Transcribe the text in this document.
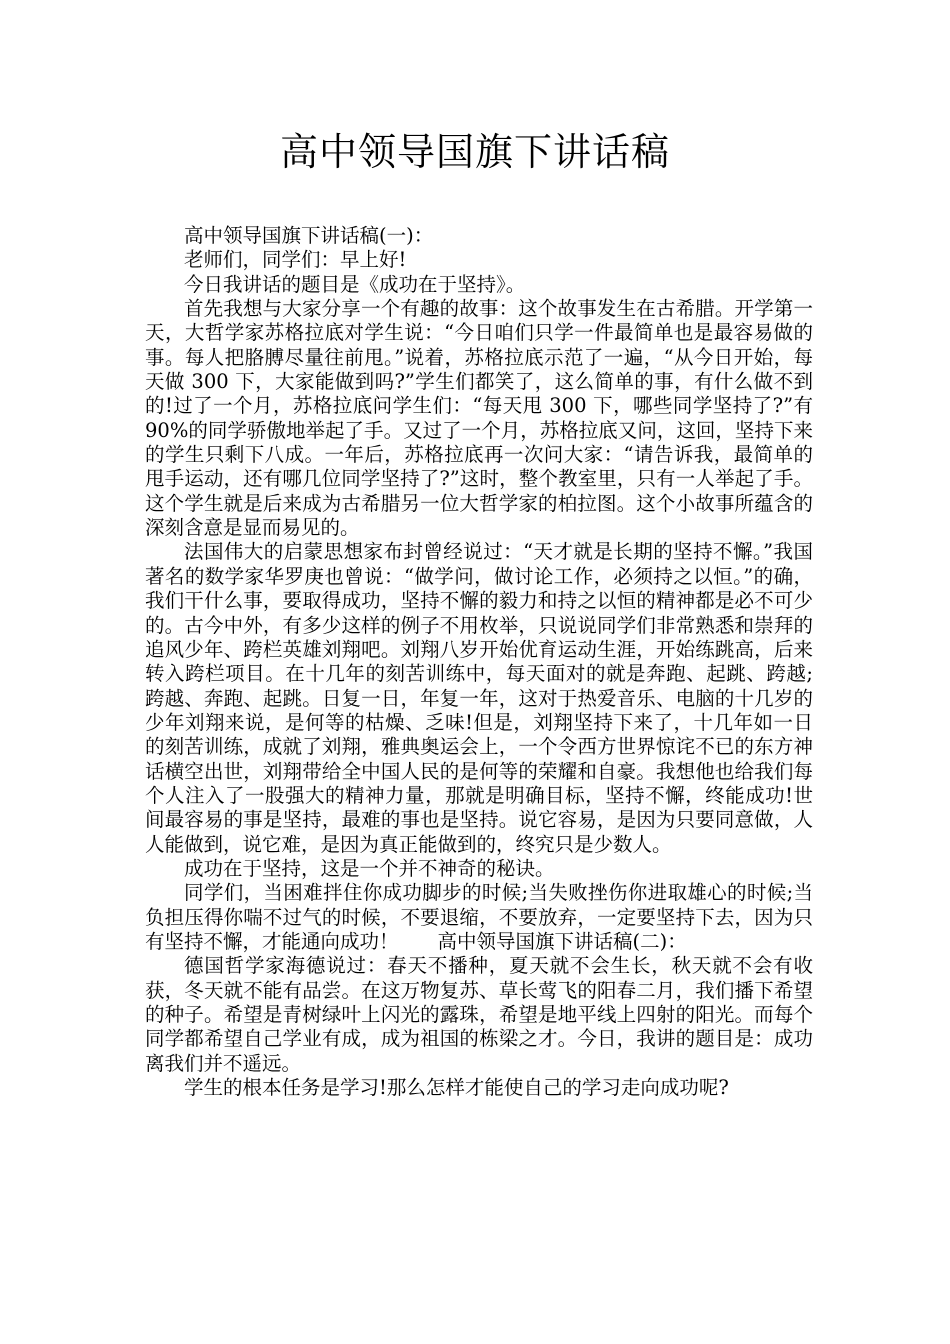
高中领导国旗下讲话稿

高中领导国旗下讲话稿(一)：

老师们，同学们：早上好!

今日我讲话的题目是《成功在于坚持》。

首先我想与大家分享一个有趣的故事：这个故事发生在古希腊。开学第一天，大哲学家苏格拉底对学生说：“今日咱们只学一件最简单也是最容易做的事。每人把胳膊尽量往前甩。”说着，苏格拉底示范了一遍，“从今日开始，每天做 300 下，大家能做到吗?”学生们都笑了，这么简单的事，有什么做不到的!过了一个月，苏格拉底问学生们：“每天甩 300 下，哪些同学坚持了?”有 90%的同学骄傲地举起了手。又过了一个月，苏格拉底又问，这回，坚持下来的学生只剩下八成。一年后，苏格拉底再一次问大家：“请告诉我，最简单的甩手运动，还有哪几位同学坚持了?”这时，整个教室里，只有一人举起了手。这个学生就是后来成为古希腊另一位大哲学家的柏拉图。这个小故事所蕴含的深刻含意是显而易见的。

法国伟大的启蒙思想家布封曾经说过：“天才就是长期的坚持不懈。”我国著名的数学家华罗庚也曾说：“做学问，做讨论工作，必须持之以恒。”的确，我们干什么事，要取得成功，坚持不懈的毅力和持之以恒的精神都是必不可少的。古今中外，有多少这样的例子不用枚举，只说说同学们非常熟悉和崇拜的追风少年、跨栏英雄刘翔吧。刘翔八岁开始优育运动生涯，开始练跳高，后来转入跨栏项目。在十几年的刻苦训练中，每天面对的就是奔跑、起跳、跨越;跨越、奔跑、起跳。日复一日，年复一年，这对于热爱音乐、电脑的十几岁的少年刘翔来说，是何等的枯燥、乏味!但是，刘翔坚持下来了，十几年如一日的刻苦训练，成就了刘翔，雅典奥运会上，一个令西方世界惊诧不已的东方神话横空出世，刘翔带给全中国人民的是何等的荣耀和自豪。我想他也给我们每个人注入了一股强大的精神力量，那就是明确目标，坚持不懈，终能成功!世间最容易的事是坚持，最难的事也是坚持。说它容易，是因为只要同意做，人人能做到，说它难，是因为真正能做到的，终究只是少数人。

成功在于坚持，这是一个并不神奇的秘诀。

同学们，当困难拌住你成功脚步的时候;当失败挫伤你进取雄心的时候;当负担压得你喘不过气的时候，不要退缩，不要放弃，一定要坚持下去，因为只有坚持不懈，才能通向成功！　　高中领导国旗下讲话稿(二)：

德国哲学家海德说过：春天不播种，夏天就不会生长，秋天就不会有收获，冬天就不能有品尝。在这万物复苏、草长莺飞的阳春二月，我们播下希望的种子。希望是青树绿叶上闪光的露珠，希望是地平线上四射的阳光。而每个同学都希望自己学业有成，成为祖国的栋梁之才。今日，我讲的题目是：成功离我们并不遥远。

学生的根本任务是学习!那么怎样才能使自己的学习走向成功呢?
